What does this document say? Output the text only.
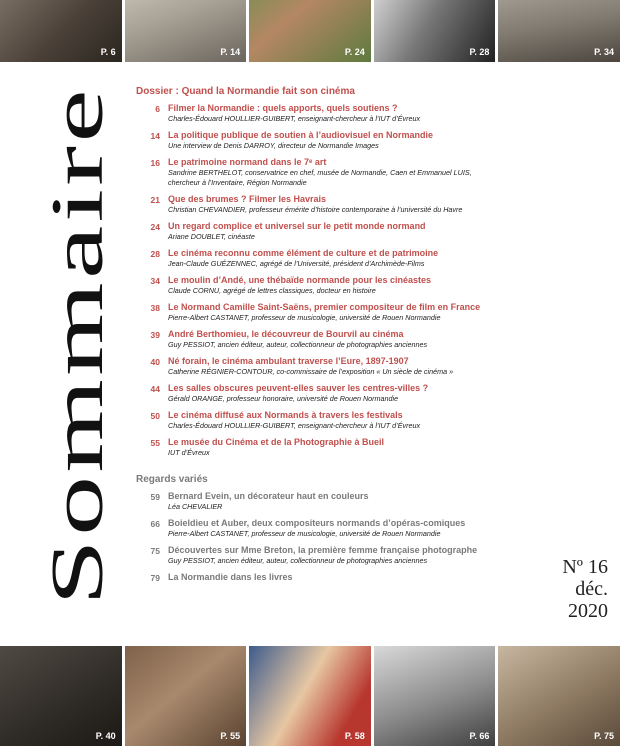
P. 6	P. 14	P. 24	P. 28	P. 34
Sommaire
Dossier : Quand la Normandie fait son cinéma
6 Filmer la Normandie : quels apports, quels soutiens ?
Charles-Édouard HOULLIER-GUIBERT, enseignant-chercheur à l’IUT d’Évreux
14 La politique publique de soutien à l’audiovisuel en Normandie
Une interview de Denis DARROY, directeur de Normandie Images
16 Le patrimoine normand dans le 7ᵉ art
Sandrine BERTHELOT, conservatrice en chef, musée de Normandie, Caen et Emmanuel LUIS,
chercheur à l’Inventaire, Région Normandie
21 Que des brumes ? Filmer les Havrais
Christian CHEVANDIER, professeur émérite d’histoire contemporaine à l’université du Havre
24 Un regard complice et universel sur le petit monde normand
Ariane DOUBLET, cinéaste
28 Le cinéma reconnu comme élément de culture et de patrimoine
Jean-Claude GUÉZENNEC, agrégé de l’Université, président d’Archimède-Films
34 Le moulin d’Andé, une thébaïde normande pour les cinéastes
Claude CORNU, agrégé de lettres classiques, docteur en histoire
38 Le Normand Camille Saint-Saëns, premier compositeur de film en France
Pierre-Albert CASTANET, professeur de musicologie, université de Rouen Normandie
39 André Berthomieu, le découvreur de Bourvil au cinéma
Guy PESSIOT, ancien éditeur, auteur, collectionneur de photographies anciennes
40 Né forain, le cinéma ambulant traverse l’Eure, 1897-1907
Catherine RÉGNIER-CONTOUR, co-commissaire de l’exposition « Un siècle de cinéma »
44 Les salles obscures peuvent-elles sauver les centres-villes ?
Gérald ORANGE, professeur honoraire, université de Rouen Normandie
50 Le cinéma diffusé aux Normands à travers les festivals
Charles-Édouard HOULLIER-GUIBERT, enseignant-chercheur à l’IUT d’Évreux
55 Le musée du Cinéma et de la Photographie à Bueil
IUT d’Évreux
Regards variés
59 Bernard Evein, un décorateur haut en couleurs
Léa CHEVALIER
66 Boieldieu et Auber, deux compositeurs normands d’opéras-comiques
Pierre-Albert CASTANET, professeur de musicologie, université de Rouen Normandie
75 Découvertes sur Mme Breton, la première femme française photographe
Guy PESSIOT, ancien éditeur, auteur, collectionneur de photographies anciennes
79 La Normandie dans les livres	Nº 16
déc.
2020
P. 40	P. 55	P. 58	P. 66	P. 75
